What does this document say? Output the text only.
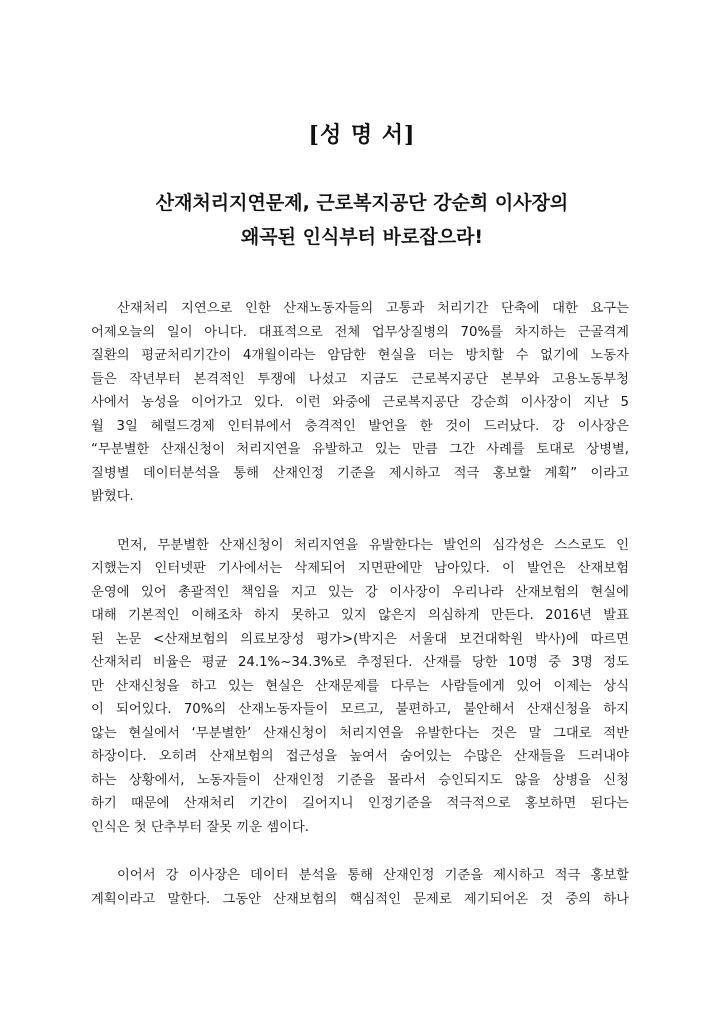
[성 명 서]
산재처리지연문제, 근로복지공단 강순희 이사장의
왜곡된 인식부터 바로잡으라!

산재처리 지연으로 인한 산재노동자들의 고통과 처리기간 단축에 대한 요구는
어제오늘의 일이 아니다. 대표적으로 전체 업무상질병의 70%를 차지하는 근골격계
질환의 평균처리기간이 4개월이라는 암담한 현실을 더는 방치할 수 없기에 노동자
들은 작년부터 본격적인 투쟁에 나섰고 지금도 근로복지공단 본부와 고용노동부청
사에서 농성을 이어가고 있다. 이런 와중에 근로복지공단 강순희 이사장이 지난 5
월 3일 헤럴드경제 인터뷰에서 충격적인 발언을 한 것이 드러났다. 강 이사장은
“무분별한 산재신청이 처리지연을 유발하고 있는 만큼 그간 사례를 토대로 상병별,
질병별 데이터분석을 통해 산재인정 기준을 제시하고 적극 홍보할 계획” 이라고
밝혔다.

먼저, 무분별한 산재신청이 처리지연을 유발한다는 발언의 심각성은 스스로도 인
지했는지 인터넷판 기사에서는 삭제되어 지면판에만 남아있다. 이 발언은 산재보험
운영에 있어 총괄적인 책임을 지고 있는 강 이사장이 우리나라 산재보험의 현실에
대해 기본적인 이해조차 하지 못하고 있지 않은지 의심하게 만든다. 2016년 발표
된 논문 <산재보험의 의료보장성 평가>(박지은 서울대 보건대학원 박사)에 따르면
산재처리 비율은 평균 24.1%~34.3%로 추정된다. 산재를 당한 10명 중 3명 정도
만 산재신청을 하고 있는 현실은 산재문제를 다루는 사람들에게 있어 이제는 상식
이 되어있다. 70%의 산재노동자들이 모르고, 불편하고, 불안해서 산재신청을 하지
않는 현실에서 ‘무분별한’ 산재신청이 처리지연을 유발한다는 것은 말 그대로 적반
하장이다. 오히려 산재보험의 접근성을 높여서 숨어있는 수많은 산재들을 드러내야
하는 상황에서, 노동자들이 산재인정 기준을 몰라서 승인되지도 않을 상병을 신청
하기 때문에 산재처리 기간이 길어지니 인정기준을 적극적으로 홍보하면 된다는
인식은 첫 단추부터 잘못 끼운 셈이다.

이어서 강 이사장은 데이터 분석을 통해 산재인정 기준을 제시하고 적극 홍보할
계획이라고 말한다. 그동안 산재보험의 핵심적인 문제로 제기되어온 것 중의 하나
